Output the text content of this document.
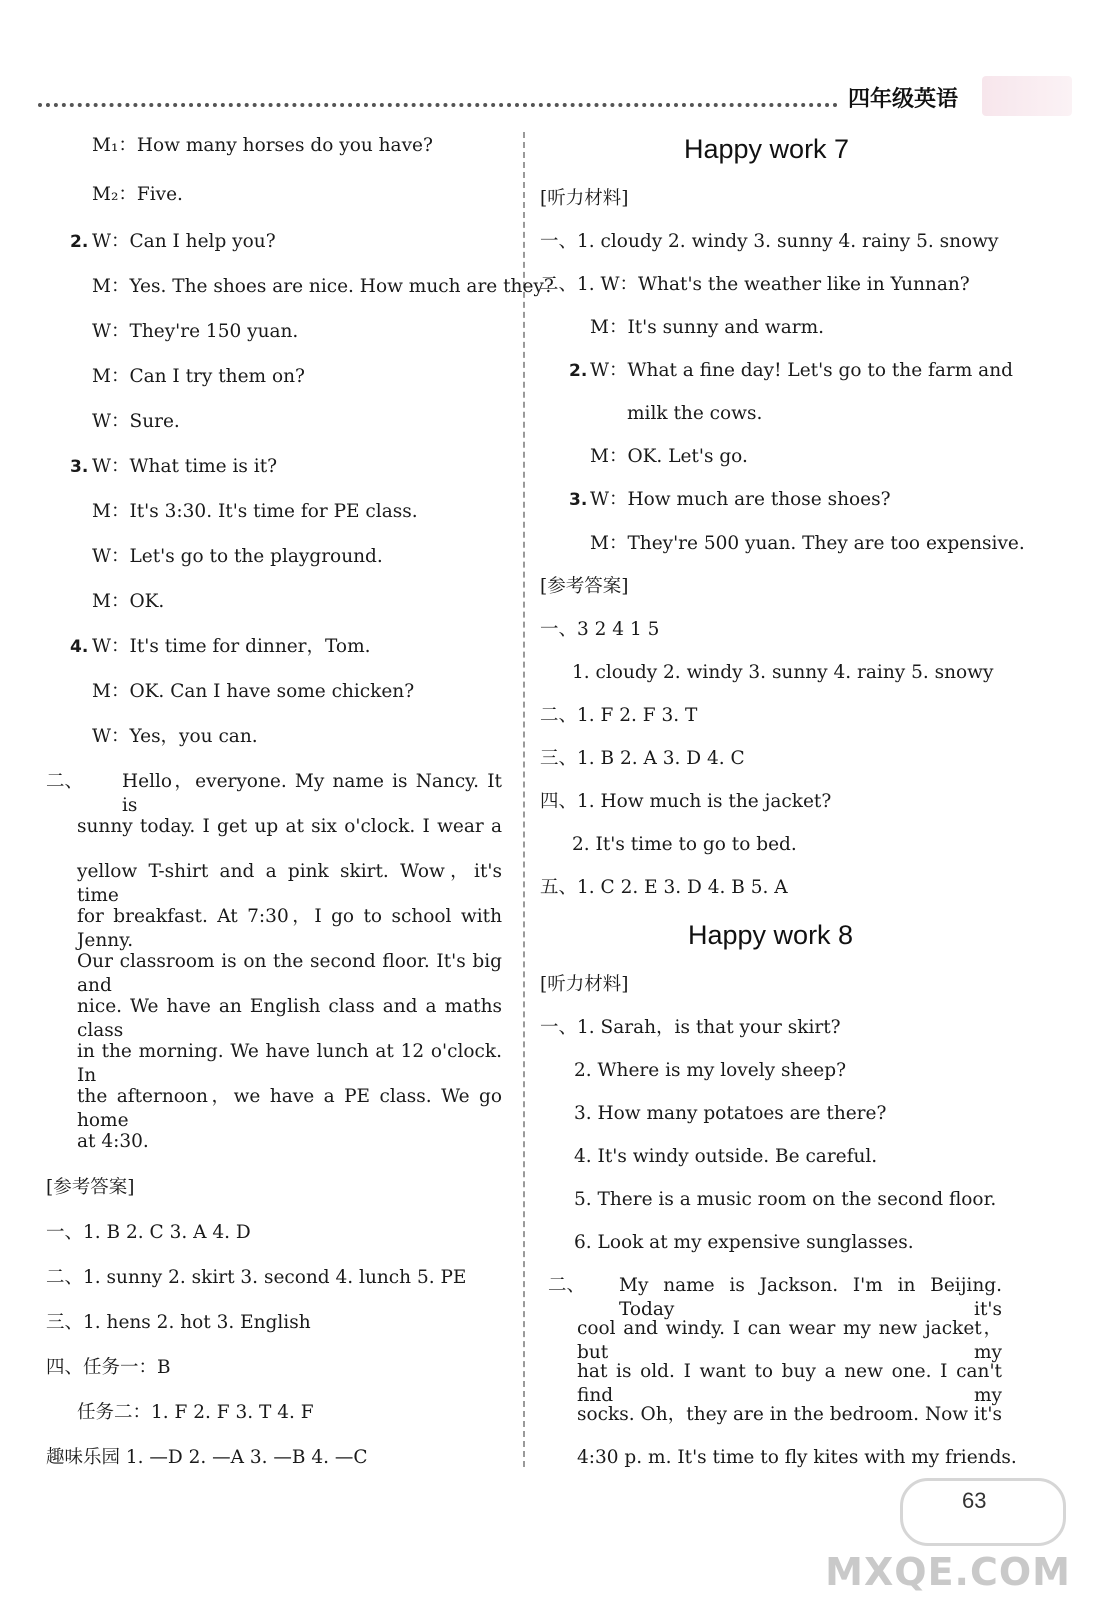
四年级英语
M₁：How many horses do you have?
M₂：Five.
2. W：Can I help you?
M：Yes. The shoes are nice. How much are they?
W：They're 150 yuan.
M：Can I try them on?
W：Sure.
3. W：What time is it?
M：It's 3:30. It's time for PE class.
W：Let's go to the playground.
M：OK.
4. W：It's time for dinner，Tom.
M：OK. Can I have some chicken?
W：Yes，you can.
二、 Hello，everyone. My name is Nancy. It is
sunny today. I get up at six o'clock. I wear a
yellow T-shirt and a pink skirt. Wow，it's time
for breakfast. At 7:30，I go to school with Jenny.
Our classroom is on the second floor. It's big and
nice. We have an English class and a maths class
in the morning. We have lunch at 12 o'clock. In
the afternoon，we have a PE class. We go home
at 4:30.
[参考答案]
一、1. B 2. C 3. A 4. D
二、1. sunny 2. skirt 3. second 4. lunch 5. PE
三、1. hens 2. hot 3. English
四、任务一：B
任务二：1. F 2. F 3. T 4. F
趣味乐园 1. —D 2. —A 3. —B 4. —C
Happy work 7
[听力材料]
一、1. cloudy 2. windy 3. sunny 4. rainy 5. snowy
二、1. W：What's the weather like in Yunnan?
M：It's sunny and warm.
2. W：What a fine day! Let's go to the farm and
milk the cows.
M：OK. Let's go.
3. W：How much are those shoes?
M：They're 500 yuan. They are too expensive.
[参考答案]
一、3 2 4 1 5
1. cloudy 2. windy 3. sunny 4. rainy 5. snowy
二、1. F 2. F 3. T
三、1. B 2. A 3. D 4. C
四、1. How much is the jacket?
2. It's time to go to bed.
五、1. C 2. E 3. D 4. B 5. A
Happy work 8
[听力材料]
一、1. Sarah，is that your skirt?
2. Where is my lovely sheep?
3. How many potatoes are there?
4. It's windy outside. Be careful.
5. There is a music room on the second floor.
6. Look at my expensive sunglasses.
二、 My name is Jackson. I'm in Beijing. Today it's
cool and windy. I can wear my new jacket，but my
hat is old. I want to buy a new one. I can't find my
socks. Oh，they are in the bedroom. Now it's
4:30 p. m. It's time to fly kites with my friends.
63
MXQE.COM
